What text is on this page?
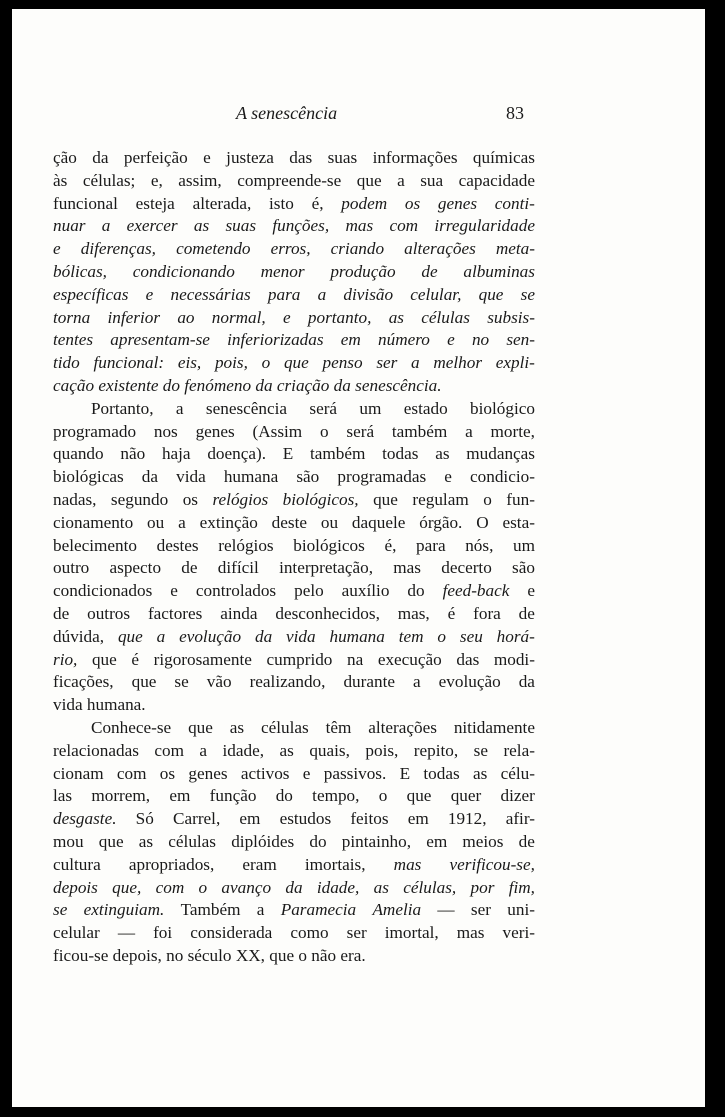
A senescência	83
ção da perfeição e justeza das suas informações químicas
às células; e, assim, compreende-se que a sua capacidade
funcional esteja alterada, isto é, podem os genes conti-
nuar a exercer as suas funções, mas com irregularidade
e diferenças, cometendo erros, criando alterações meta-
bólicas, condicionando menor produção de albuminas
específicas e necessárias para a divisão celular, que se
torna inferior ao normal, e portanto, as células subsis-
tentes apresentam-se inferiorizadas em número e no sen-
tido funcional: eis, pois, o que penso ser a melhor expli-
cação
existente
do
fenómeno
da
criação
da
senescência.
Portanto, a senescência será um estado biológico
programado nos genes (Assim o será também a morte,
quando não haja doença). E também todas as mudanças
biológicas da vida humana são programadas e condicio-
nadas, segundo os relógios biológicos, que regulam o fun-
cionamento ou a extinção deste ou daquele órgão. O esta-
belecimento destes relógios biológicos é, para nós, um
outro aspecto de difícil interpretação, mas decerto são
condicionados e controlados pelo auxílio do feed-back e
de outros factores ainda desconhecidos, mas, é fora de
dúvida, que a evolução da vida humana tem o seu horá-
rio, que é rigorosamente cumprido na execução das modi-
ficações, que se vão realizando, durante a evolução da
vida
humana.
Conhece-se que as células têm alterações nitidamente
relacionadas com a idade, as quais, pois, repito, se rela-
cionam com os genes activos e passivos. E todas as célu-
las morrem, em função do tempo, o que quer dizer
desgaste. Só Carrel, em estudos feitos em 1912, afir-
mou que as células diplóides do pintainho, em meios de
cultura apropriados, eram imortais, mas verificou-se,
depois que, com o avanço da idade, as células, por fim,
se extinguiam. Também a Paramecia Amelia — ser uni-
celular — foi considerada como ser imortal, mas veri-
ficou-se
depois,
no
século
XX,
que
o
não
era.
